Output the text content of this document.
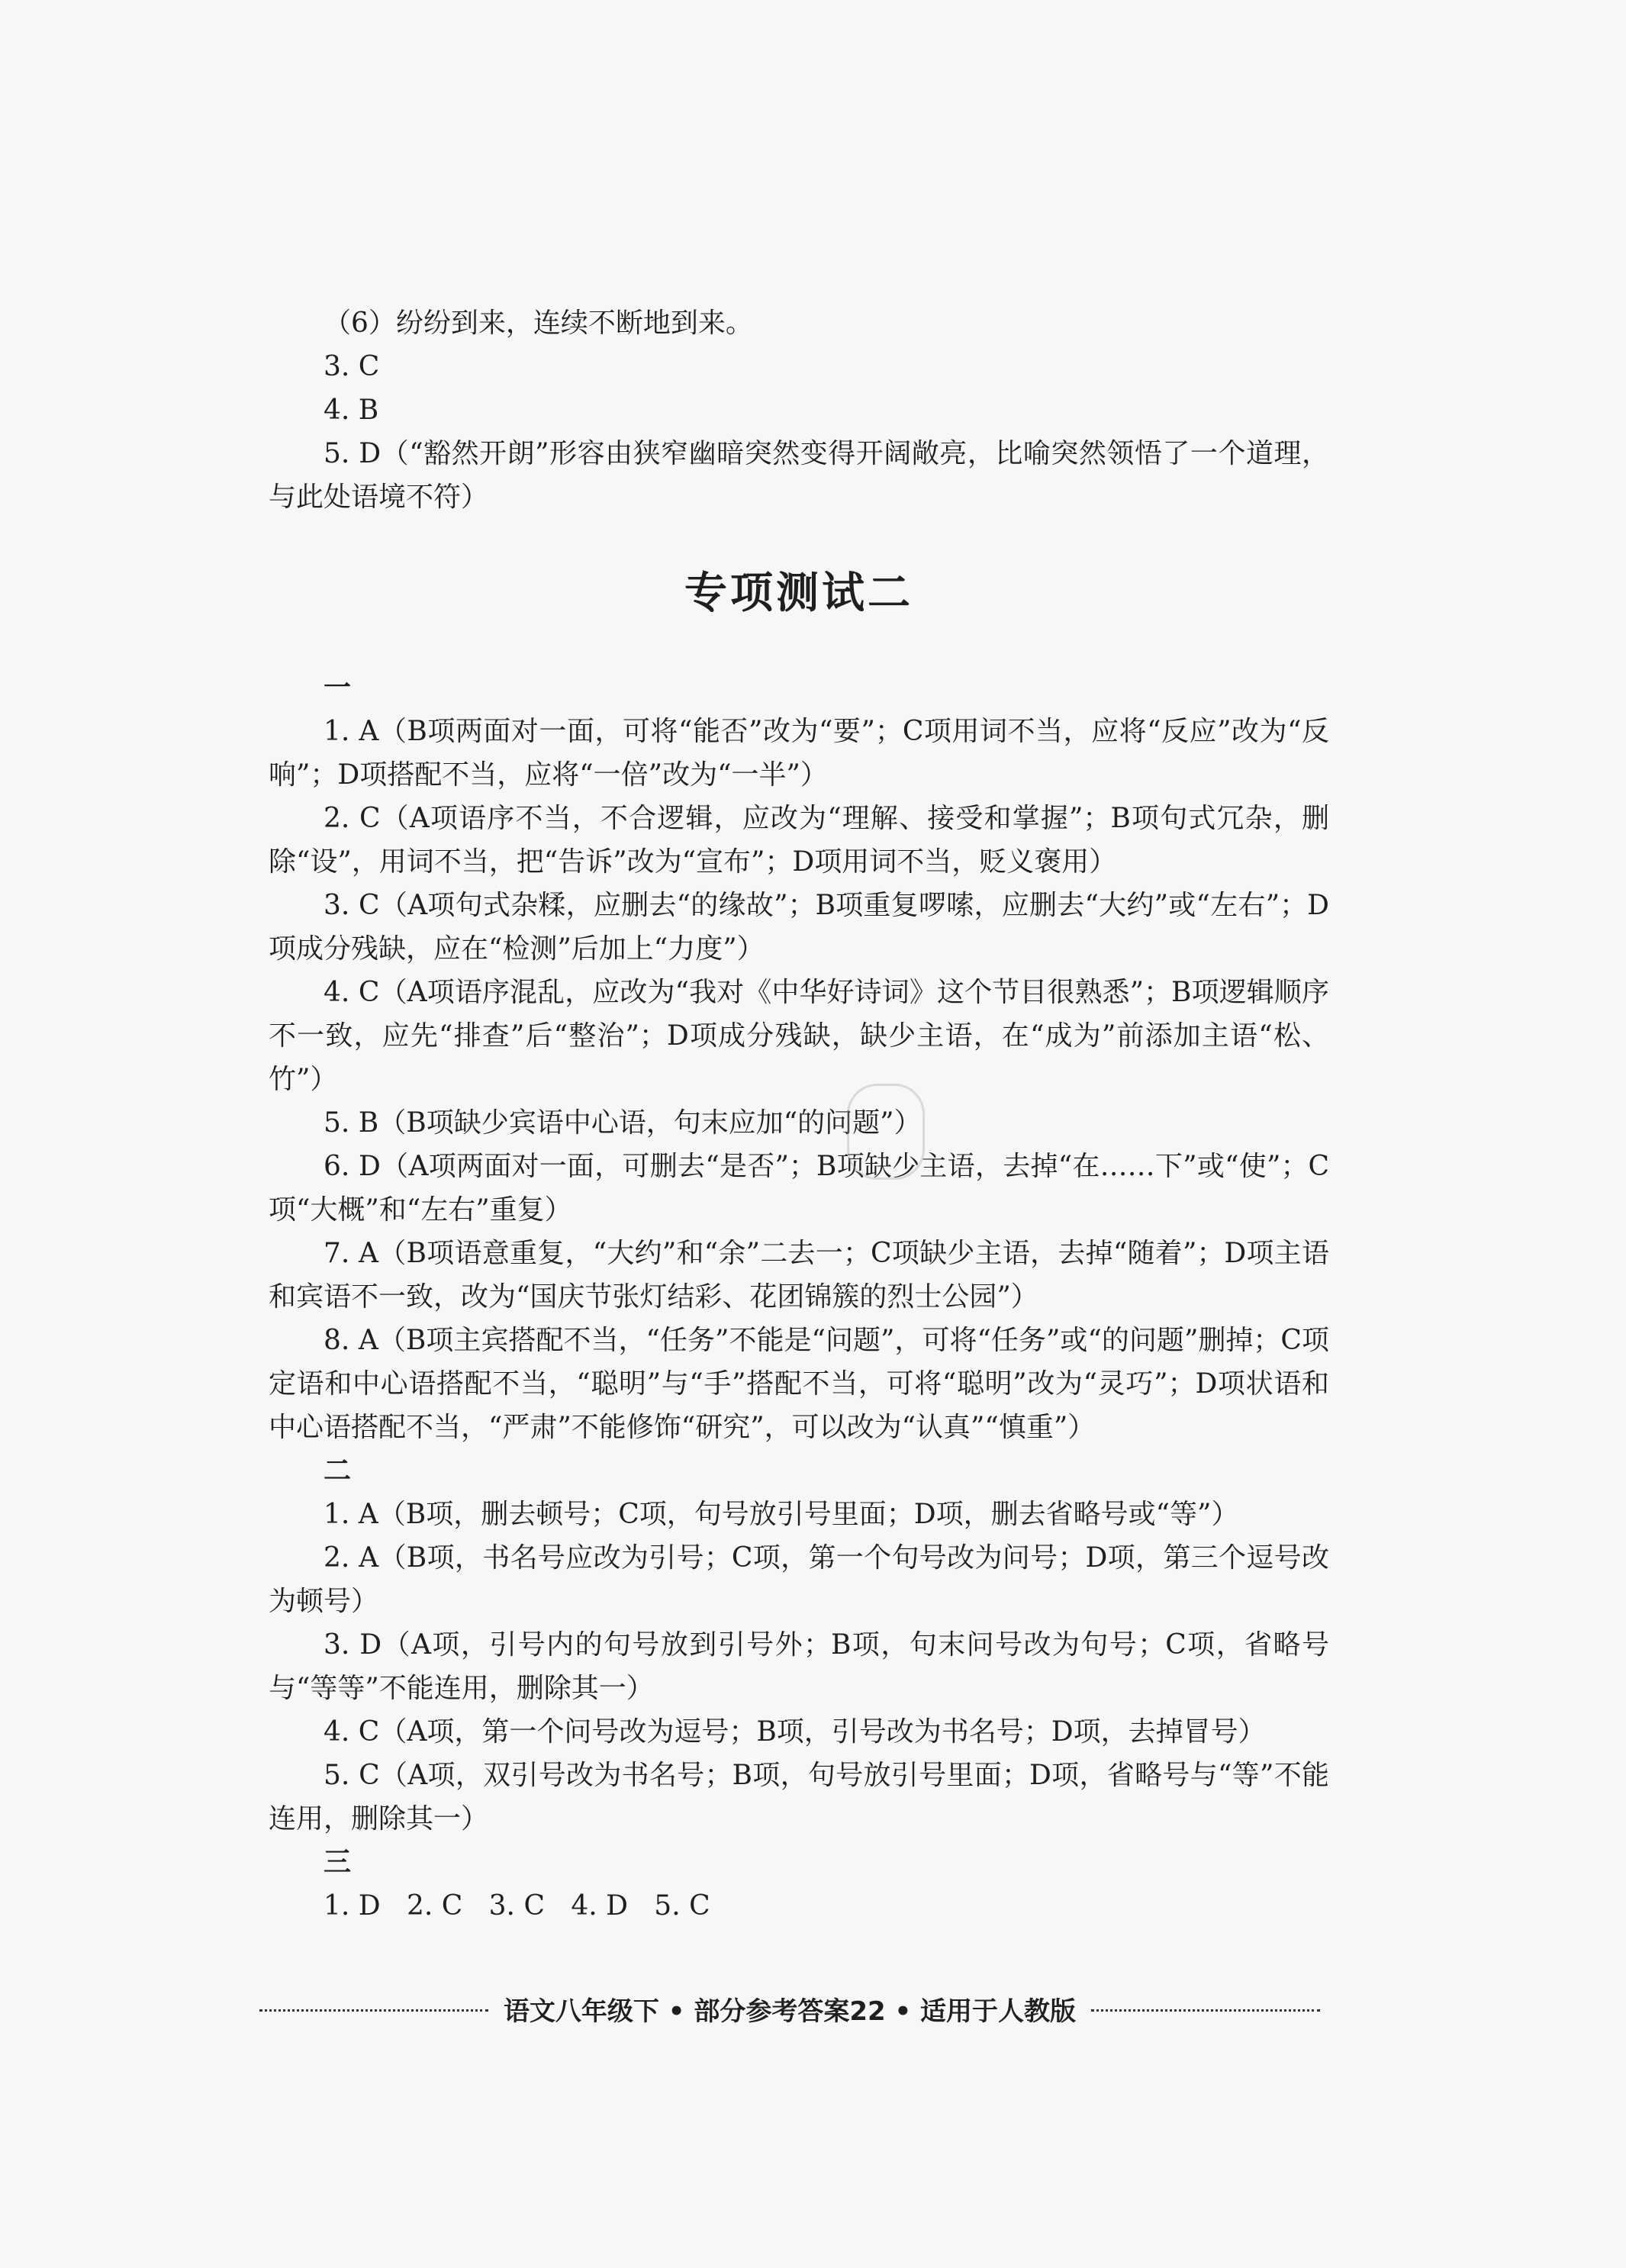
（6）纷纷到来，连续不断地到来。

3. C

4. B

5. D（“豁然开朗”形容由狭窄幽暗突然变得开阔敞亮，比喻突然领悟了一个道理，与此处语境不符）

专项测试二

一

1. A（B项两面对一面，可将“能否”改为“要”；C项用词不当，应将“反应”改为“反响”；D项搭配不当，应将“一倍”改为“一半”）

2. C（A项语序不当，不合逻辑，应改为“理解、接受和掌握”；B项句式冗杂，删除“设”，用词不当，把“告诉”改为“宣布”；D项用词不当，贬义褒用）

3. C（A项句式杂糅，应删去“的缘故”；B项重复啰嗦，应删去“大约”或“左右”；D项成分残缺，应在“检测”后加上“力度”）

4. C（A项语序混乱，应改为“我对《中华好诗词》这个节目很熟悉”；B项逻辑顺序不一致，应先“排查”后“整治”；D项成分残缺，缺少主语，在“成为”前添加主语“松、竹”）

5. B（B项缺少宾语中心语，句末应加“的问题”）

6. D（A项两面对一面，可删去“是否”；B项缺少主语，去掉“在……下”或“使”；C项“大概”和“左右”重复）

7. A（B项语意重复，“大约”和“余”二去一；C项缺少主语，去掉“随着”；D项主语和宾语不一致，改为“国庆节张灯结彩、花团锦簇的烈士公园”）

8. A（B项主宾搭配不当，“任务”不能是“问题”，可将“任务”或“的问题”删掉；C项定语和中心语搭配不当，“聪明”与“手”搭配不当，可将“聪明”改为“灵巧”；D项状语和中心语搭配不当，“严肃”不能修饰“研究”，可以改为“认真”“慎重”）

二

1. A（B项，删去顿号；C项，句号放引号里面；D项，删去省略号或“等”）

2. A（B项，书名号应改为引号；C项，第一个句号改为问号；D项，第三个逗号改为顿号）

3. D（A项，引号内的句号放到引号外；B项，句末问号改为句号；C项，省略号与“等等”不能连用，删除其一）

4. C（A项，第一个问号改为逗号；B项，引号改为书名号；D项，去掉冒号）

5. C（A项，双引号改为书名号；B项，句号放引号里面；D项，省略号与“等”不能连用，删除其一）

三

1. D   2. C   3. C   4. D   5. C

语文八年级下 • 部分参考答案22 • 适用于人教版
